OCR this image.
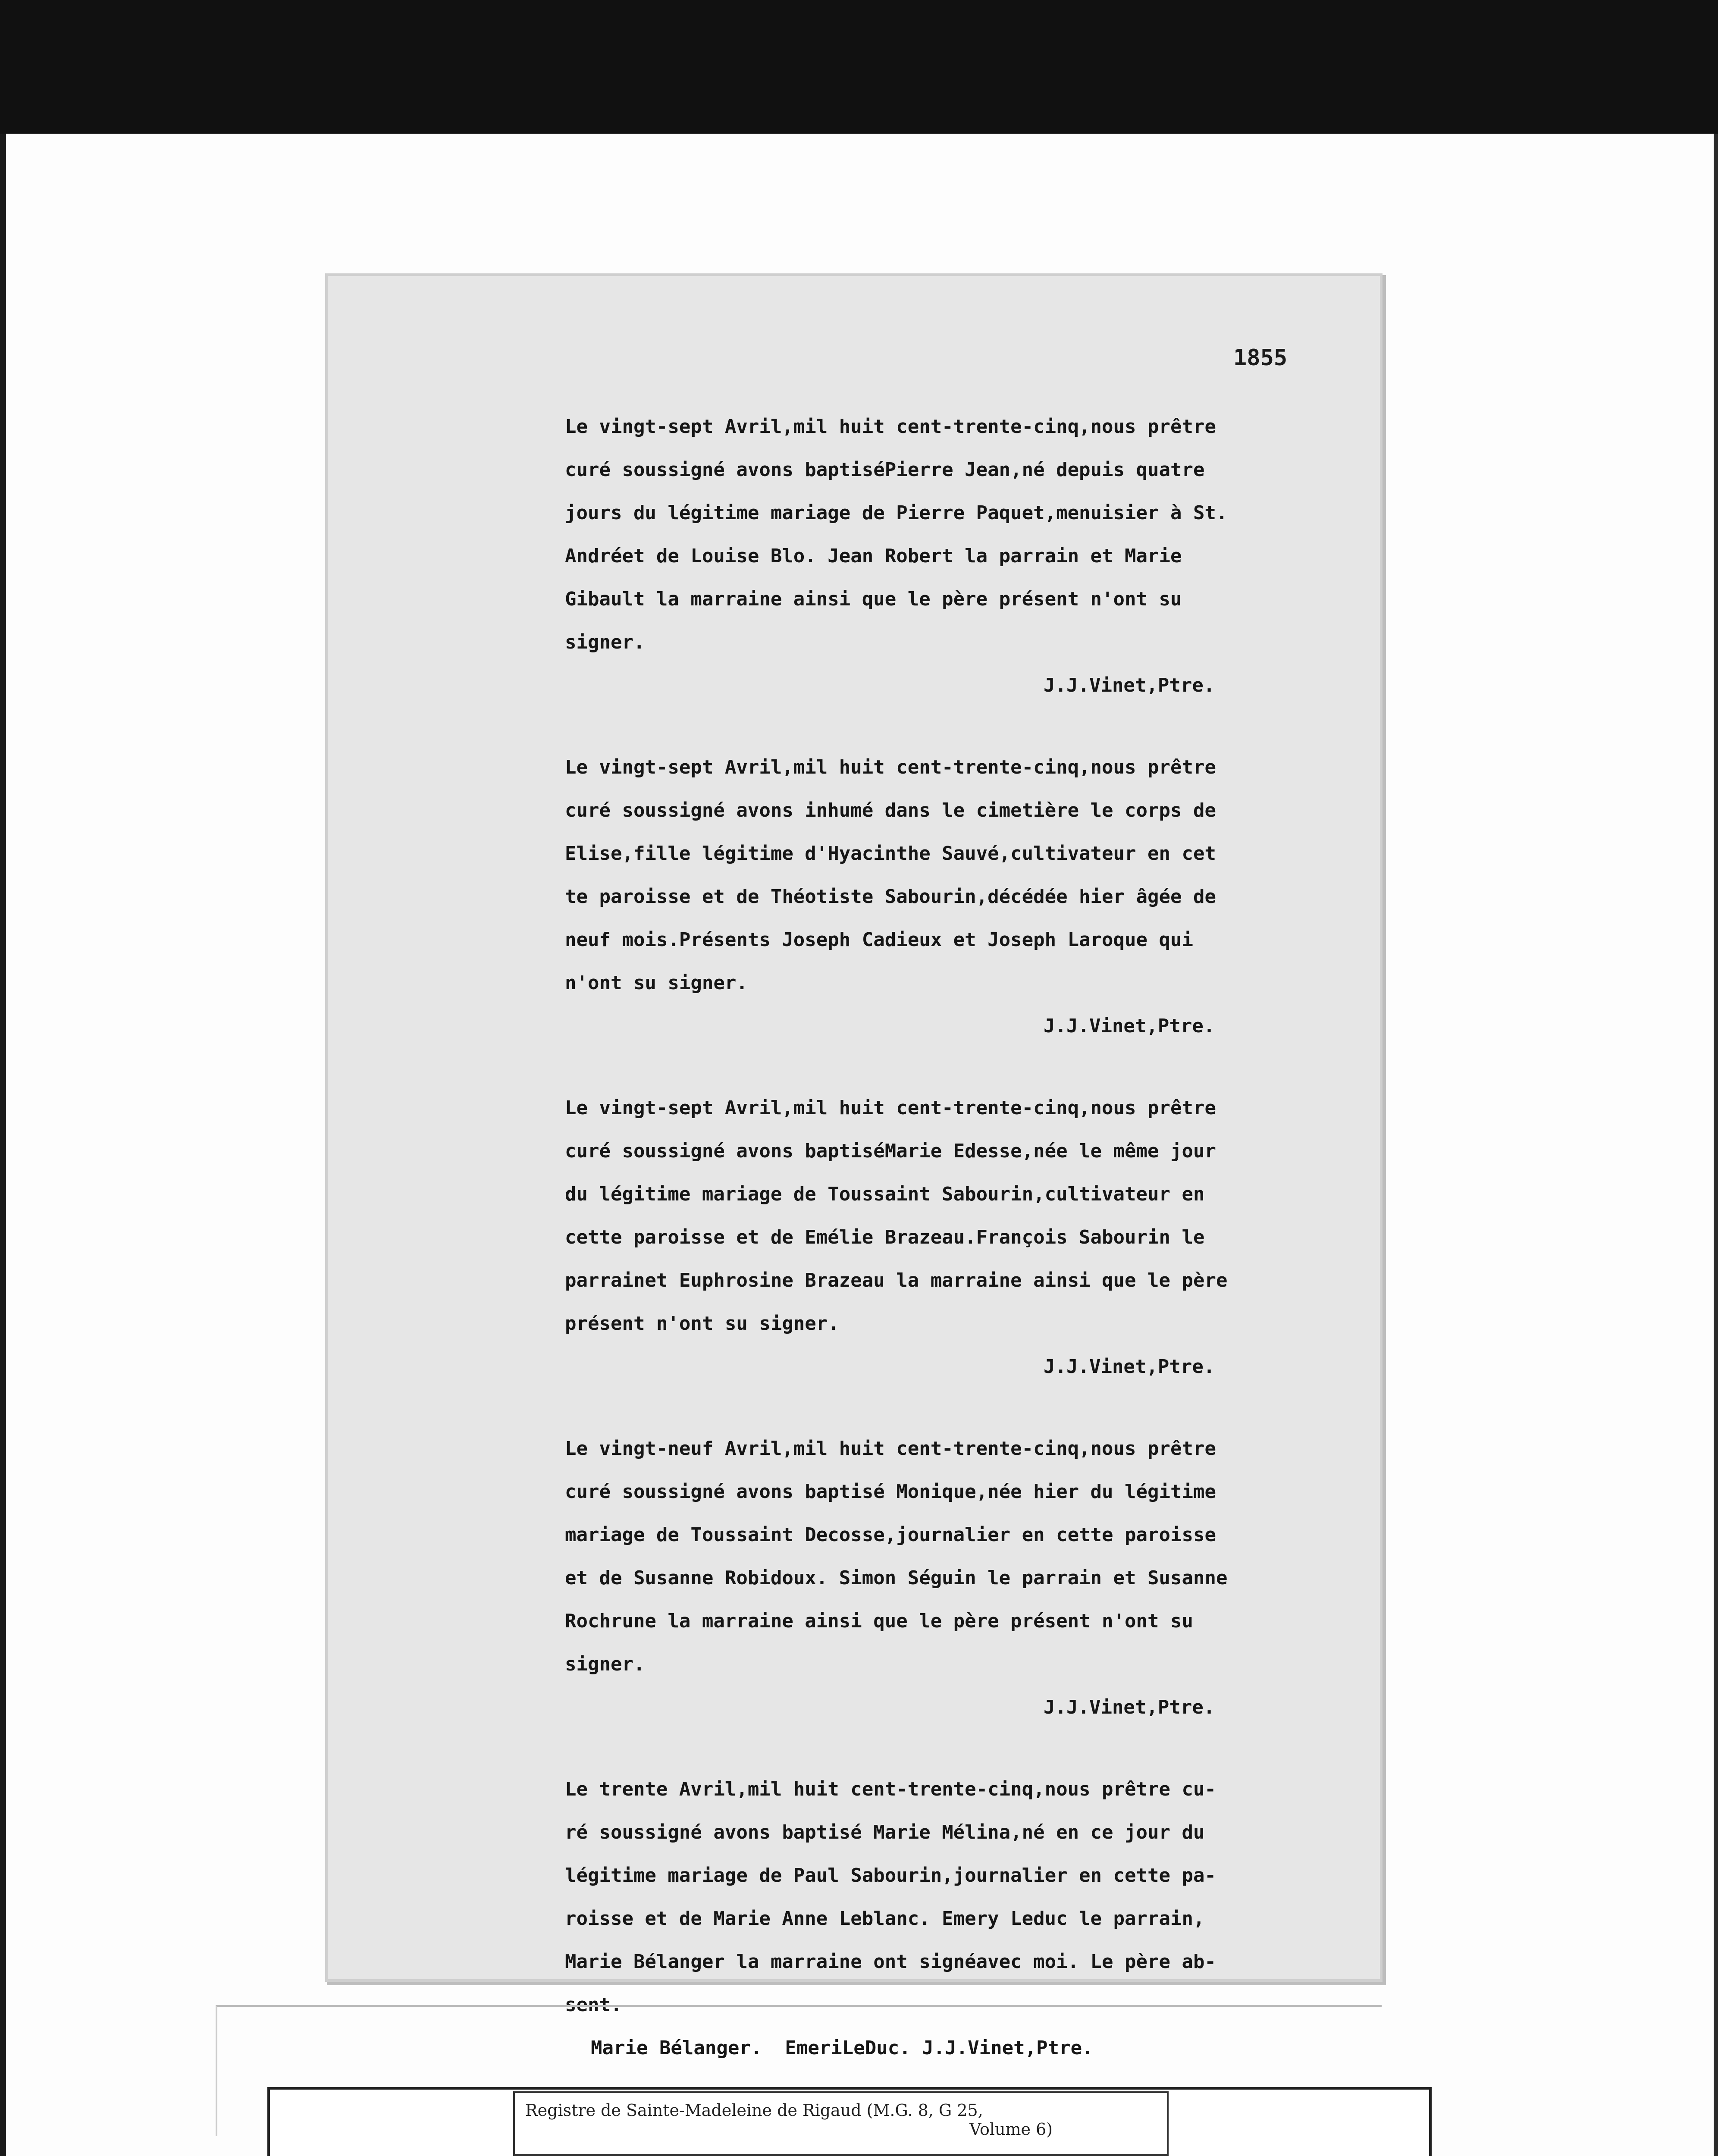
1855
Le vingt-sept Avril,mil huit cent-trente-cinq,nous prêtre
curé soussigné avons baptiséPierre Jean,né depuis quatre
jours du légitime mariage de Pierre Paquet,menuisier à St.
Andréet de Louise Blo. Jean Robert la parrain et Marie
Gibault la marraine ainsi que le père présent n'ont su
signer.
J.J.Vinet,Ptre.
Le vingt-sept Avril,mil huit cent-trente-cinq,nous prêtre
curé soussigné avons inhumé dans le cimetière le corps de
Elise,fille légitime d'Hyacinthe Sauvé,cultivateur en cet
te paroisse et de Théotiste Sabourin,décédée hier âgée de
neuf mois.Présents Joseph Cadieux et Joseph Laroque qui
n'ont su signer.
J.J.Vinet,Ptre.
Le vingt-sept Avril,mil huit cent-trente-cinq,nous prêtre
curé soussigné avons baptiséMarie Edesse,née le même jour
du légitime mariage de Toussaint Sabourin,cultivateur en
cette paroisse et de Emélie Brazeau.François Sabourin le
parrainet Euphrosine Brazeau la marraine ainsi que le père
présent n'ont su signer.
J.J.Vinet,Ptre.
Le vingt-neuf Avril,mil huit cent-trente-cinq,nous prêtre
curé soussigné avons baptisé Monique,née hier du légitime
mariage de Toussaint Decosse,journalier en cette paroisse
et de Susanne Robidoux. Simon Séguin le parrain et Susanne
Rochrune la marraine ainsi que le père présent n'ont su
signer.
J.J.Vinet,Ptre.
Le trente Avril,mil huit cent-trente-cinq,nous prêtre cu-
ré soussigné avons baptisé Marie Mélina,né en ce jour du
légitime mariage de Paul Sabourin,journalier en cette pa-
roisse et de Marie Anne Leblanc. Emery Leduc le parrain,
Marie Bélanger la marraine ont signéavec moi. Le père ab-
sent.
Marie Bélanger.  EmeriLeDuc. J.J.Vinet,Ptre.
Registre de Sainte-Madeleine de Rigaud (M.G. 8, G 25,
Volume 6)
